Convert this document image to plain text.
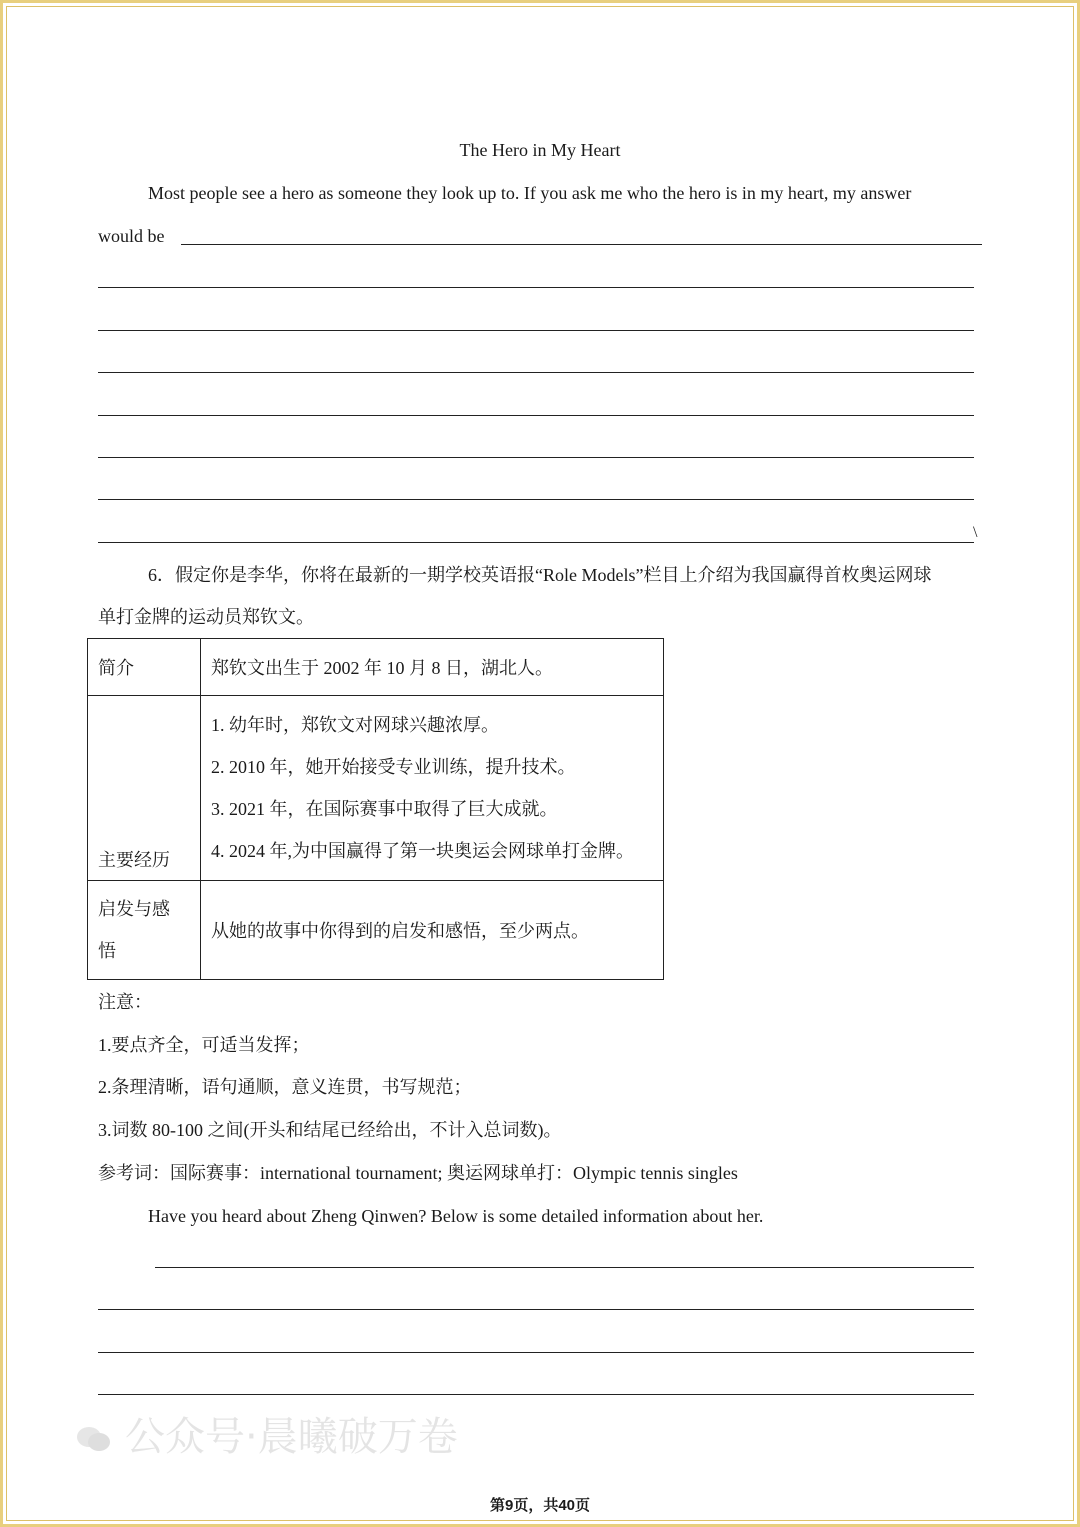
The Hero in My Heart
Most people see a hero as someone they look up to. If you ask me who the hero is in my heart, my answer
would be
\
6．假定你是李华，你将在最新的一期学校英语报“Role Models”栏目上介绍为我国赢得首枚奥运网球
单打金牌的运动员郑钦文。
简介	郑钦文出生于 2002 年 10 月 8 日，湖北人。
主要经历	1. 幼年时，郑钦文对网球兴趣浓厚。
2. 2010 年，她开始接受专业训练，提升技术。
3. 2021 年，在国际赛事中取得了巨大成就。
4. 2024 年,为中国赢得了第一块奥运会网球单打金牌。

启发与感
悟	从她的故事中你得到的启发和感悟，至少两点。
注意：
1.要点齐全，可适当发挥；
2.条理清晰，语句通顺，意义连贯，书写规范；
3.词数 80-100 之间(开头和结尾已经给出，不计入总词数)。
参考词：国际赛事：international tournament; 奥运网球单打：Olympic tennis singles
Have you heard about Zheng Qinwen? Below is some detailed information about her.
公众号·晨曦破万卷
第9页，共40页
